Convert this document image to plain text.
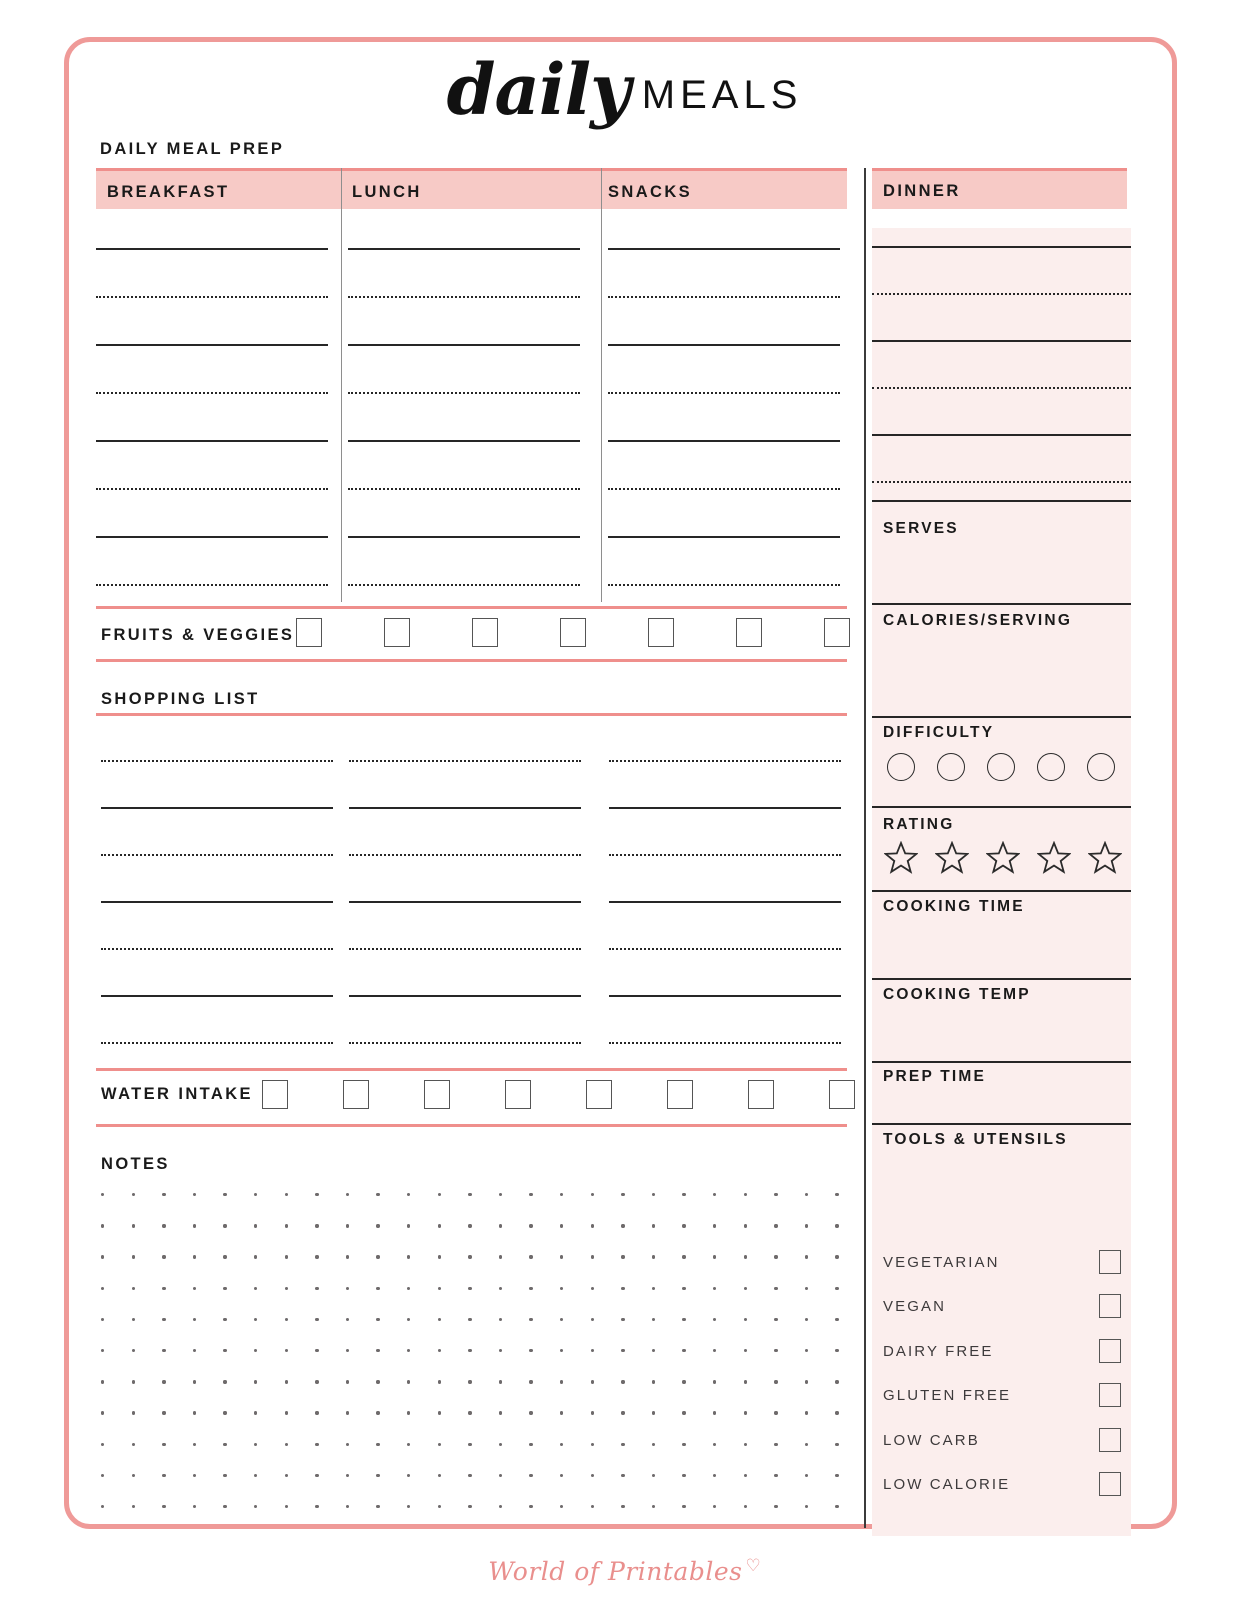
daily MEALS
DAILY MEAL PREP
BREAKFAST	LUNCH	SNACKS
FRUITS & VEGGIES
SHOPPING LIST
WATER INTAKE
NOTES
DINNER
SERVES
CALORIES/SERVING
DIFFICULTY
RATING
COOKING TIME
COOKING TEMP
PREP TIME
TOOLS & UTENSILS
VEGETARIAN
VEGAN
DAIRY FREE
GLUTEN FREE
LOW CARB
LOW CALORIE
World of Printables ♡
